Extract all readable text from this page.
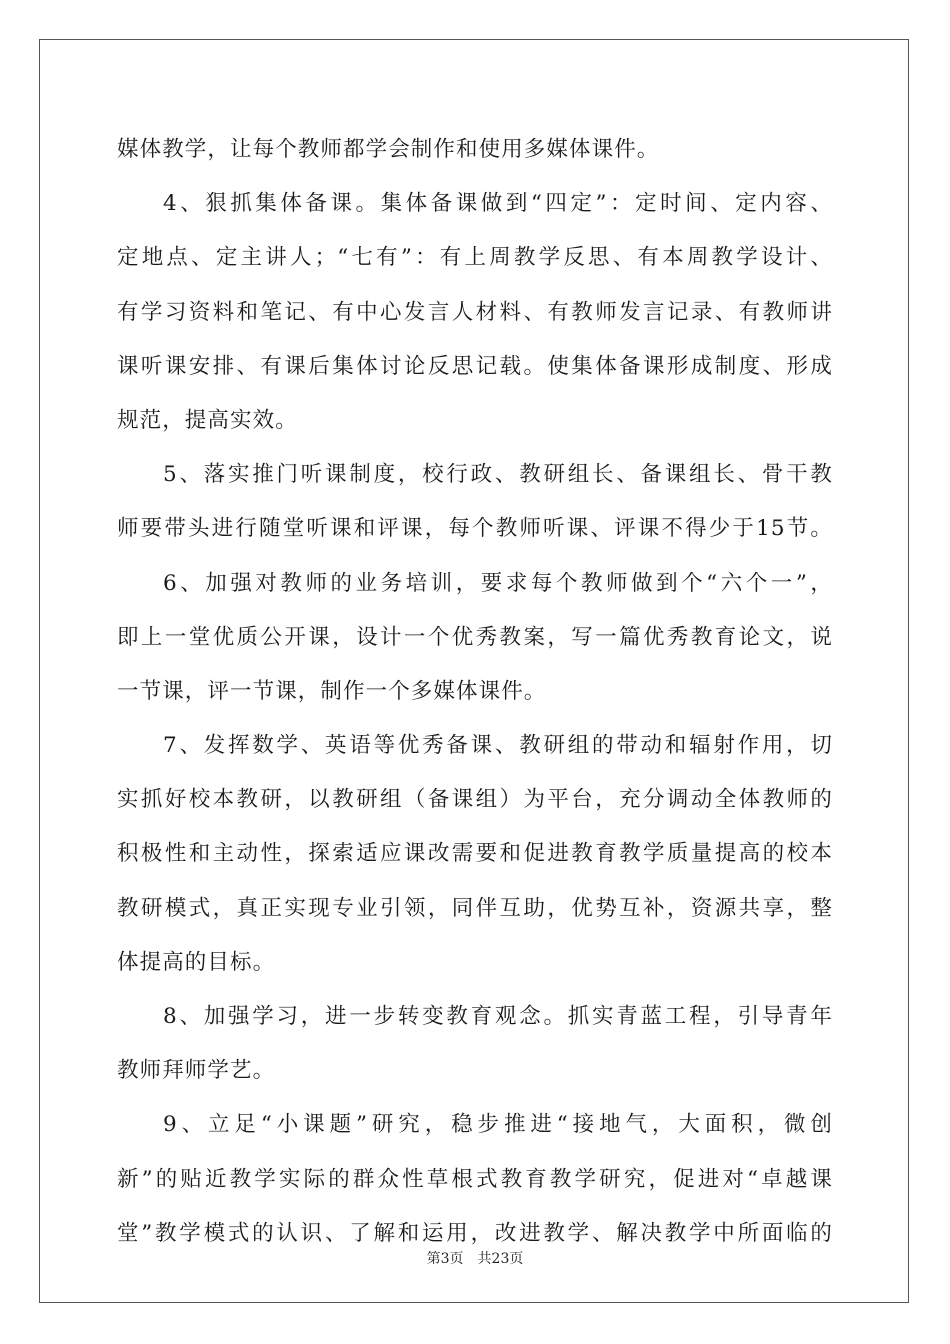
媒体教学，让每个教师都学会制作和使用多媒体课件。
4、狠抓集体备课。集体备课做到“四定”：定时间、定内容、
定地点、定主讲人；“七有”：有上周教学反思、有本周教学设计、
有学习资料和笔记、有中心发言人材料、有教师发言记录、有教师讲
课听课安排、有课后集体讨论反思记载。使集体备课形成制度、形成
规范，提高实效。
5、落实推门听课制度，校行政、教研组长、备课组长、骨干教
师要带头进行随堂听课和评课，每个教师听课、评课不得少于15节。
6、加强对教师的业务培训，要求每个教师做到个“六个一”，
即上一堂优质公开课，设计一个优秀教案，写一篇优秀教育论文，说
一节课，评一节课，制作一个多媒体课件。
7、发挥数学、英语等优秀备课、教研组的带动和辐射作用，切
实抓好校本教研，以教研组（备课组）为平台，充分调动全体教师的
积极性和主动性，探索适应课改需要和促进教育教学质量提高的校本
教研模式，真正实现专业引领，同伴互助，优势互补，资源共享，整
体提高的目标。
8、加强学习，进一步转变教育观念。抓实青蓝工程，引导青年
教师拜师学艺。
9、立足“小课题”研究，稳步推进“接地气，大面积，微创
新”的贴近教学实际的群众性草根式教育教学研究，促进对“卓越课
堂”教学模式的认识、了解和运用，改进教学、解决教学中所面临的
第3页 共23页
